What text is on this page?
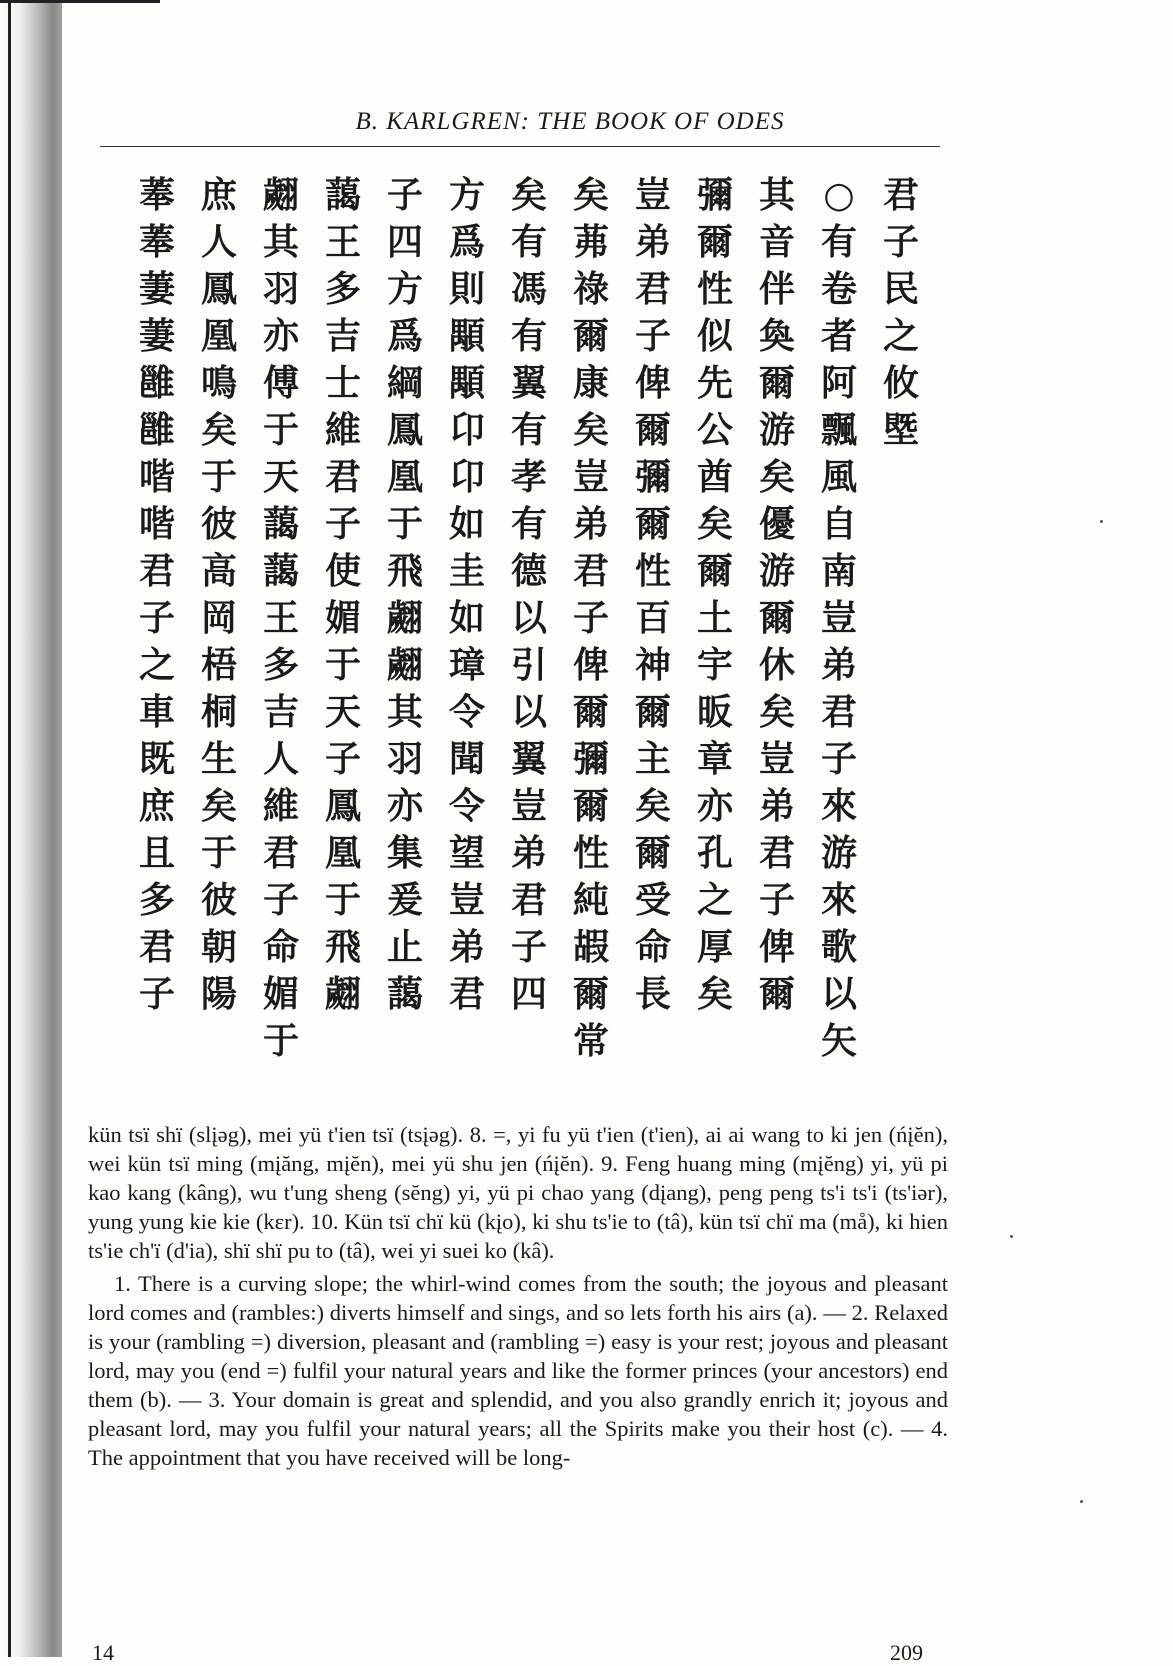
B. KARLGREN: THE BOOK OF ODES
君
子
民
之
攸
塈
○
有
卷
者
阿
飄
風
自
南
豈
弟
君
子
來
游
來
歌
以
矢
其
音
伴
奐
爾
游
矣
優
游
爾
休
矣
豈
弟
君
子
俾
爾
彌
爾
性
似
先
公
酋
矣
爾
土
宇
昄
章
亦
孔
之
厚
矣
豈
弟
君
子
俾
爾
彌
爾
性
百
神
爾
主
矣
爾
受
命
長
矣
茀
祿
爾
康
矣
豈
弟
君
子
俾
爾
彌
爾
性
純
嘏
爾
常
矣
有
馮
有
翼
有
孝
有
德
以
引
以
翼
豈
弟
君
子
四
方
爲
則
顒
顒
卬
卬
如
圭
如
璋
令
聞
令
望
豈
弟
君
子
四
方
爲
綱
鳳
凰
于
飛
翽
翽
其
羽
亦
集
爰
止
藹
藹
王
多
吉
士
維
君
子
使
媚
于
天
子
鳳
凰
于
飛
翽
翽
其
羽
亦
傅
于
天
藹
藹
王
多
吉
人
維
君
子
命
媚
于
庶
人
鳳
凰
鳴
矣
于
彼
高
岡
梧
桐
生
矣
于
彼
朝
陽
菶
菶
萋
萋
雝
雝
喈
喈
君
子
之
車
既
庶
且
多
君
子

kün tsï shï (slįəg), mei yü t'ien tsï (tsįəg). 8. =, yi fu yü t'ien (t'ien), ai ai wang to ki jen (ńįĕn), wei kün tsï ming (mįăng, mįĕn), mei yü shu jen (ńįĕn). 9. Feng huang ming (mįĕng) yi, yü pi kao kang (kâng), wu t'ung sheng (sĕng) yi, yü pi chao yang (dįang), peng peng ts'i ts'i (ts'iər), yung yung kie kie (kɛr). 10. Kün tsï chï kü (kįo), ki shu ts'ie to (tâ), kün tsï chï ma (må), ki hien ts'ie ch'ï (d'ia), shï shï pu to (tâ), wei yi suei ko (kâ).

1. There is a curving slope; the whirl-wind comes from the south; the joyous and pleasant lord comes and (rambles:) diverts himself and sings, and so lets forth his airs (a). — 2. Relaxed is your (rambling =) diversion, pleasant and (rambling =) easy is your rest; joyous and pleasant lord, may you (end =) fulfil your natural years and like the former princes (your ancestors) end them (b). — 3. Your domain is great and splendid, and you also grandly enrich it; joyous and pleasant lord, may you fulfil your natural years; all the Spirits make you their host (c). — 4. The appointment that you have received will be long-

14	209
